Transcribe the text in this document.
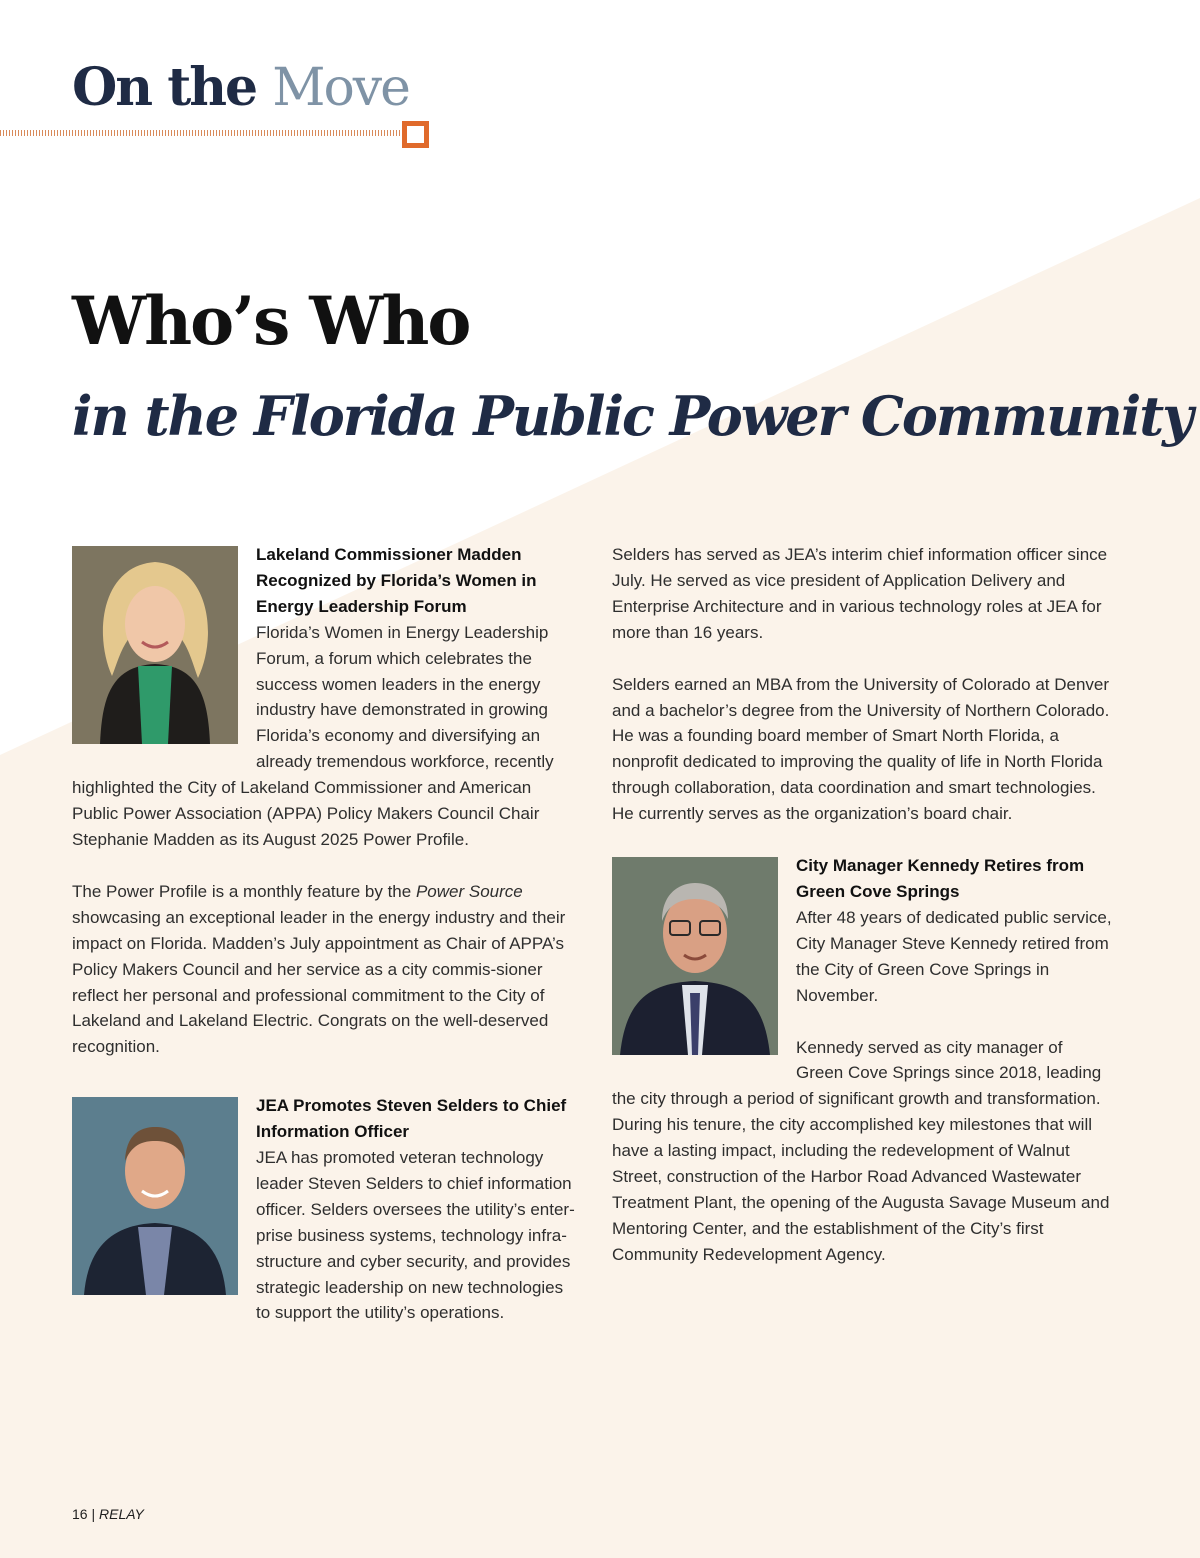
On the Move
Who’s Who
in the Florida Public Power Community

Lakeland Commissioner Madden Recognized by Florida’s Women in Energy Leadership Forum

Florida’s Women in Energy Leadership Forum, a forum which celebrates the success women leaders in the energy industry have demonstrated in growing Florida’s economy and diversifying an already tremendous workforce, recently highlighted the City of Lakeland Commissioner and American Public Power Association (APPA) Policy Makers Council Chair Stephanie Madden as its August 2025 Power Profile.

The Power Profile is a monthly feature by the Power Source showcasing an exceptional leader in the energy industry and their impact on Florida. Madden’s July appointment as Chair of APPA’s Policy Makers Council and her service as a city commis-sioner reflect her personal and professional commitment to the City of Lakeland and Lakeland Electric. Congrats on the well-deserved recognition.

JEA Promotes Steven Selders to Chief Information Officer

JEA has promoted veteran technology leader Steven Selders to chief information officer. Selders oversees the utility’s enter-prise business systems, technology infra-structure and cyber security, and provides strategic leadership on new technologies to support the utility’s operations.

Selders has served as JEA’s interim chief information officer since July. He served as vice president of Application Delivery and Enterprise Architecture and in various technology roles at JEA for more than 16 years.

Selders earned an MBA from the University of Colorado at Denver and a bachelor’s degree from the University of Northern Colorado. He was a founding board member of Smart North Florida, a nonprofit dedicated to improving the quality of life in North Florida through collaboration, data coordination and smart technologies. He currently serves as the organization’s board chair.

City Manager Kennedy Retires from Green Cove Springs

After 48 years of dedicated public service, City Manager Steve Kennedy retired from the City of Green Cove Springs in November.

Kennedy served as city manager of Green Cove Springs since 2018, leading the city through a period of significant growth and transformation. During his tenure, the city accomplished key milestones that will have a lasting impact, including the redevelopment of Walnut Street, construction of the Harbor Road Advanced Wastewater Treatment Plant, the opening of the Augusta Savage Museum and Mentoring Center, and the establishment of the City’s first Community Redevelopment Agency.

16 | RELAY
